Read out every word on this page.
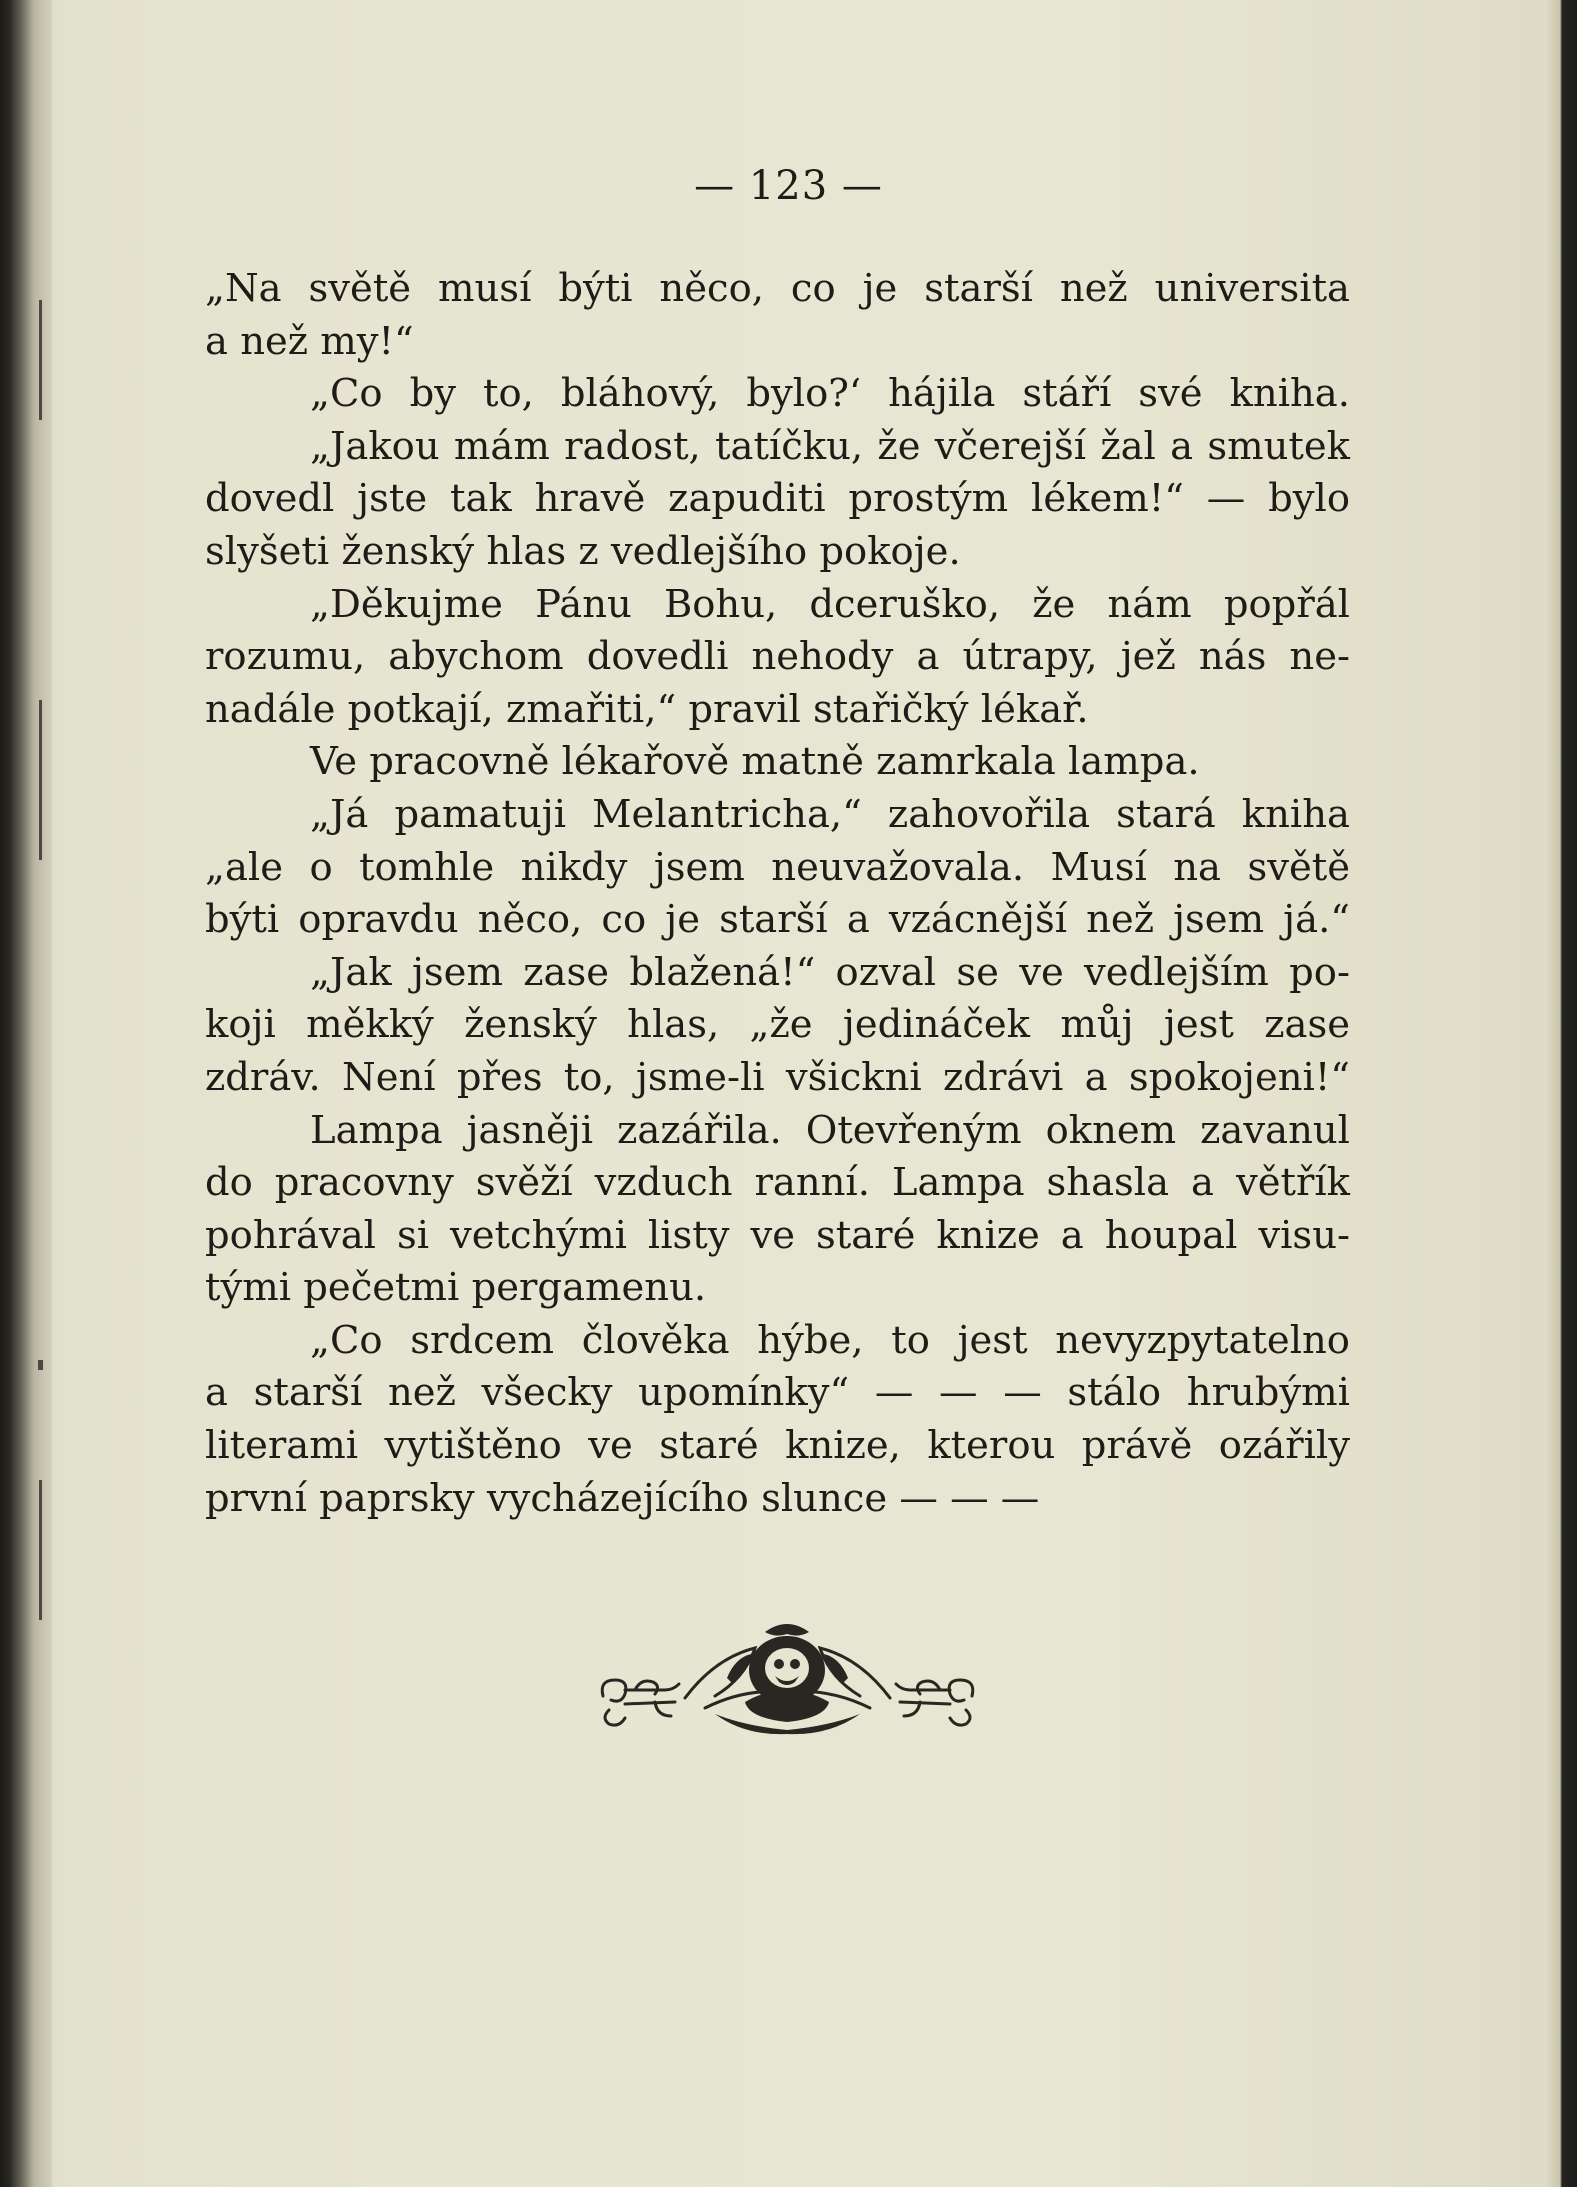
— 123 —
„Na světě musí býti něco, co je starší než universita
a než my!“
„Co by to, bláhový, bylo?‘ hájila stáří své kniha.
„Jakou mám radost, tatíčku, že včerejší žal a smutek
dovedl jste tak hravě zapuditi prostým lékem!“ — bylo
slyšeti ženský hlas z vedlejšího pokoje.
„Děkujme Pánu Bohu, dceruško, že nám popřál
rozumu, abychom dovedli nehody a útrapy, jež nás ne-
nadále potkají, zmařiti,“ pravil stařičký lékař.
Ve pracovně lékařově matně zamrkala lampa.
„Já pamatuji Melantricha,“ zahovořila stará kniha
„ale o tomhle nikdy jsem neuvažovala. Musí na světě
býti opravdu něco, co je starší a vzácnější než jsem já.“
„Jak jsem zase blažená!“ ozval se ve vedlejším po-
koji měkký ženský hlas, „že jedináček můj jest zase
zdráv. Není přes to, jsme-li všicknі zdrávi a spokojeni!“
Lampa jasněji zazářila. Otevřeným oknem zavanul
do pracovny svěží vzduch ranní. Lampa shasla a větřík
pohrával si vetchými listy ve staré knize a houpal visu-
tými pečetmi pergamenu.
„Co srdcem člověka hýbe, to jest nevyzpytatelno
a starší než všecky upomínky“ — — — stálo hrubými
literami vytištěno ve staré knize, kterou právě ozářily
první paprsky vycházejícího slunce — — —
